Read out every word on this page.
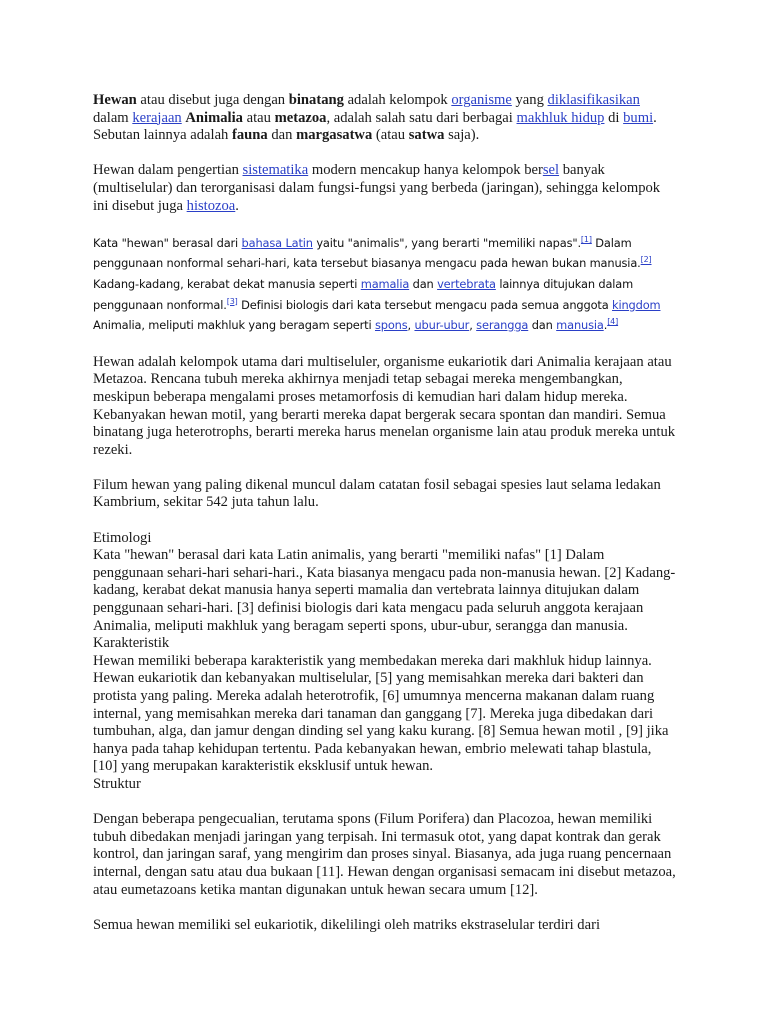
Hewan atau disebut juga dengan binatang adalah kelompok organisme yang diklasifikasikan dalam kerajaan Animalia atau metazoa, adalah salah satu dari berbagai makhluk hidup di bumi. Sebutan lainnya adalah fauna dan margasatwa (atau satwa saja).

Hewan dalam pengertian sistematika modern mencakup hanya kelompok bersel banyak (multiselular) dan terorganisasi dalam fungsi-fungsi yang berbeda (jaringan), sehingga kelompok ini disebut juga histozoa.

Kata "hewan" berasal dari bahasa Latin yaitu "animalis", yang berarti "memiliki napas".[1] Dalam penggunaan nonformal sehari-hari, kata tersebut biasanya mengacu pada hewan bukan manusia.[2] Kadang-kadang, kerabat dekat manusia seperti mamalia dan vertebrata lainnya ditujukan dalam penggunaan nonformal.[3] Definisi biologis dari kata tersebut mengacu pada semua anggota kingdom Animalia, meliputi makhluk yang beragam seperti spons, ubur-ubur, serangga dan manusia.[4]

Hewan adalah kelompok utama dari multiseluler, organisme eukariotik dari Animalia kerajaan atau Metazoa. Rencana tubuh mereka akhirnya menjadi tetap sebagai mereka mengembangkan, meskipun beberapa mengalami proses metamorfosis di kemudian hari dalam hidup mereka. Kebanyakan hewan motil, yang berarti mereka dapat bergerak secara spontan dan mandiri. Semua binatang juga heterotrophs, berarti mereka harus menelan organisme lain atau produk mereka untuk rezeki.

Filum hewan yang paling dikenal muncul dalam catatan fosil sebagai spesies laut selama ledakan Kambrium, sekitar 542 juta tahun lalu.

Etimologi

Kata "hewan" berasal dari kata Latin animalis, yang berarti "memiliki nafas" [1] Dalam penggunaan sehari-hari sehari-hari., Kata biasanya mengacu pada non-manusia hewan. [2] Kadang-kadang, kerabat dekat manusia hanya seperti mamalia dan vertebrata lainnya ditujukan dalam penggunaan sehari-hari. [3] definisi biologis dari kata mengacu pada seluruh anggota kerajaan Animalia, meliputi makhluk yang beragam seperti spons, ubur-ubur, serangga dan manusia.

Karakteristik

Hewan memiliki beberapa karakteristik yang membedakan mereka dari makhluk hidup lainnya. Hewan eukariotik dan kebanyakan multiselular, [5] yang memisahkan mereka dari bakteri dan protista yang paling. Mereka adalah heterotrofik, [6] umumnya mencerna makanan dalam ruang internal, yang memisahkan mereka dari tanaman dan ganggang [7]. Mereka juga dibedakan dari tumbuhan, alga, dan jamur dengan dinding sel yang kaku kurang. [8] Semua hewan motil , [9] jika hanya pada tahap kehidupan tertentu. Pada kebanyakan hewan, embrio melewati tahap blastula, [10] yang merupakan karakteristik eksklusif untuk hewan.

Struktur

Dengan beberapa pengecualian, terutama spons (Filum Porifera) dan Placozoa, hewan memiliki tubuh dibedakan menjadi jaringan yang terpisah. Ini termasuk otot, yang dapat kontrak dan gerak kontrol, dan jaringan saraf, yang mengirim dan proses sinyal. Biasanya, ada juga ruang pencernaan internal, dengan satu atau dua bukaan [11]. Hewan dengan organisasi semacam ini disebut metazoa, atau eumetazoans ketika mantan digunakan untuk hewan secara umum [12].

Semua hewan memiliki sel eukariotik, dikelilingi oleh matriks ekstraselular terdiri dari
